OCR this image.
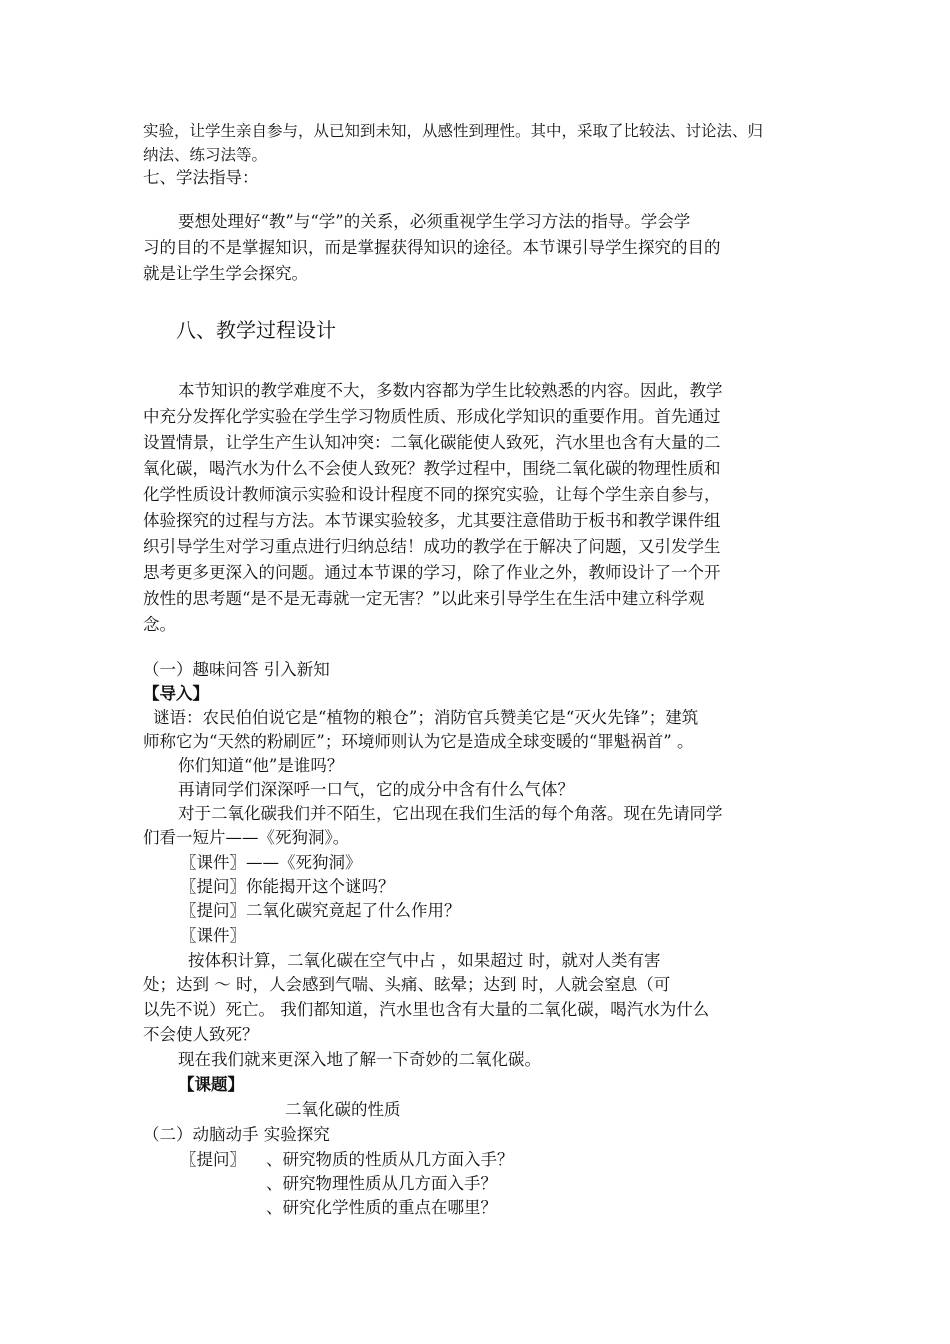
实验，让学生亲自参与，从已知到未知，从感性到理性。其中，采取了比较法、讨论法、归
纳法、练习法等。
七、学法指导：
要想处理好“教”与“学”的关系，必须重视学生学习方法的指导。学会学
习的目的不是掌握知识，而是掌握获得知识的途径。本节课引导学生探究的目的
就是让学生学会探究。
八、教学过程设计
本节知识的教学难度不大，多数内容都为学生比较熟悉的内容。因此，教学
中充分发挥化学实验在学生学习物质性质、形成化学知识的重要作用。首先通过
设置情景，让学生产生认知冲突：二氧化碳能使人致死，汽水里也含有大量的二
氧化碳，喝汽水为什么不会使人致死？教学过程中，围绕二氧化碳的物理性质和
化学性质设计教师演示实验和设计程度不同的探究实验，让每个学生亲自参与，
体验探究的过程与方法。本节课实验较多，尤其要注意借助于板书和教学课件组
织引导学生对学习重点进行归纳总结！成功的教学在于解决了问题，又引发学生
思考更多更深入的问题。通过本节课的学习，除了作业之外，教师设计了一个开
放性的思考题“是不是无毒就一定无害？”以此来引导学生在生活中建立科学观
念。
（一）趣味问答 引入新知
【导入】
谜语：农民伯伯说它是“植物的粮仓”；消防官兵赞美它是“灭火先锋”；建筑
师称它为“天然的粉刷匠”；环境师则认为它是造成全球变暖的“罪魁祸首” 。
你们知道“他”是谁吗？
再请同学们深深呼一口气，它的成分中含有什么气体？
对于二氧化碳我们并不陌生，它出现在我们生活的每个角落。现在先请同学
们看一短片——《死狗洞》。
〖课件〗——《死狗洞》
〖提问〗你能揭开这个谜吗？
〖提问〗二氧化碳究竟起了什么作用？
〖课件〗
按体积计算，二氧化碳在空气中占 ，如果超过 时，就对人类有害
处；达到 ～ 时，人会感到气喘、头痛、眩晕；达到 时，人就会窒息（可
以先不说）死亡。 我们都知道，汽水里也含有大量的二氧化碳，喝汽水为什么
不会使人致死？
现在我们就来更深入地了解一下奇妙的二氧化碳。
【课题】
二氧化碳的性质
（二）动脑动手 实验探究
〖提问〗 、研究物质的性质从几方面入手？
、研究物理性质从几方面入手？
、研究化学性质的重点在哪里？
